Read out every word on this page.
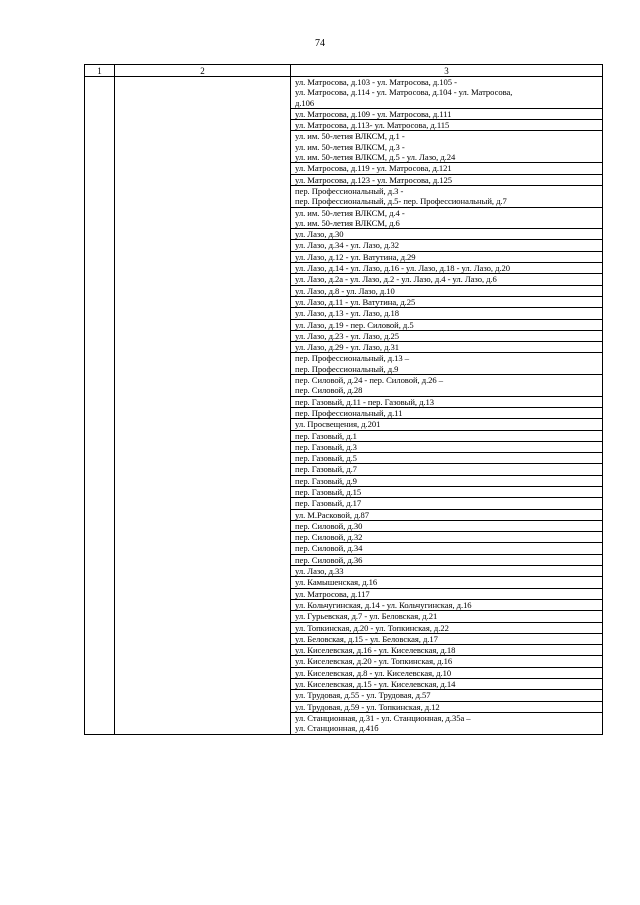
74
1	2	3

		ул. Матросова, д.103 - ул. Матросова, д.105 -
ул. Матросова, д.114 - ул. Матросова, д.104 - ул. Матросова,
д.106

		ул. Матросова, д.109 - ул. Матросова, д.111

		ул. Матросова, д.113- ул. Матросова, д.115

		ул. им. 50-летия ВЛКСМ, д.1 -
ул. им. 50-летия ВЛКСМ, д.3 -
ул. им. 50-летия ВЛКСМ, д.5 - ул. Лазо, д.24

		ул. Матросова, д.119 - ул. Матросова, д.121

		ул. Матросова, д.123 - ул. Матросова, д.125

		пер. Профессиональный, д.3 -
пер. Профессиональный, д.5- пер. Профессиональный, д.7

		ул. им. 50-летия ВЛКСМ, д.4 -
ул. им. 50-летия ВЛКСМ, д.6

		ул. Лазо, д.30

		ул. Лазо, д.34 - ул. Лазо, д.32

		ул. Лазо, д.12 - ул. Ватутина, д.29

		ул. Лазо, д.14 - ул. Лазо, д.16 - ул. Лазо, д.18 - ул. Лазо, д.20

		ул. Лазо, д.2а - ул. Лазо, д.2 - ул. Лазо, д.4 - ул. Лазо, д.6

		ул. Лазо, д.8 - ул. Лазо, д.10

		ул. Лазо, д.11 - ул. Ватутина, д.25

		ул. Лазо, д.13 - ул. Лазо, д.18

		ул. Лазо, д.19 - пер. Силовой, д.5

		ул. Лазо, д.23 - ул. Лазо, д.25

		ул. Лазо, д.29 - ул. Лазо, д.31

		пер. Профессиональный, д.13 –
пер. Профессиональный, д.9

		пер. Силовой, д.24 - пер. Силовой, д.26 –
пер. Силовой, д.28

		пер. Газовый, д.11 - пер. Газовый, д.13

		пер. Профессиональный, д.11

		ул. Просвещения, д.201

		пер. Газовый, д.1

		пер. Газовый, д.3

		пер. Газовый, д.5

		пер. Газовый, д.7

		пер. Газовый, д.9

		пер. Газовый, д.15

		пер. Газовый, д.17

		ул. М.Расковой, д.87

		пер. Силовой, д.30

		пер. Силовой, д.32

		пер. Силовой, д.34

		пер. Силовой, д.36

		ул. Лазо, д.33

		ул. Камышенская, д.16

		ул. Матросова, д.117

		ул. Кольчугинская, д.14 - ул. Кольчугинская, д.16

		ул. Гурьевская, д.7 - ул. Беловская, д.21

		ул. Топкинская, д.20 - ул. Топкинская, д.22

		ул. Беловская, д.15 - ул. Беловская, д.17

		ул. Киселевская, д.16 - ул. Киселевская, д.18

		ул. Киселевская, д.20 - ул. Топкинская, д.16

		ул. Киселевская, д.8 - ул. Киселевская, д.10

		ул. Киселевская, д.15 - ул. Киселевская, д.14

		ул. Трудовая, д.55 - ул. Трудовая, д.57

		ул. Трудовая, д.59 - ул. Топкинская, д.12

		ул. Станционная, д.31 - ул. Станционная, д.35а –
ул. Станционная, д.41б
